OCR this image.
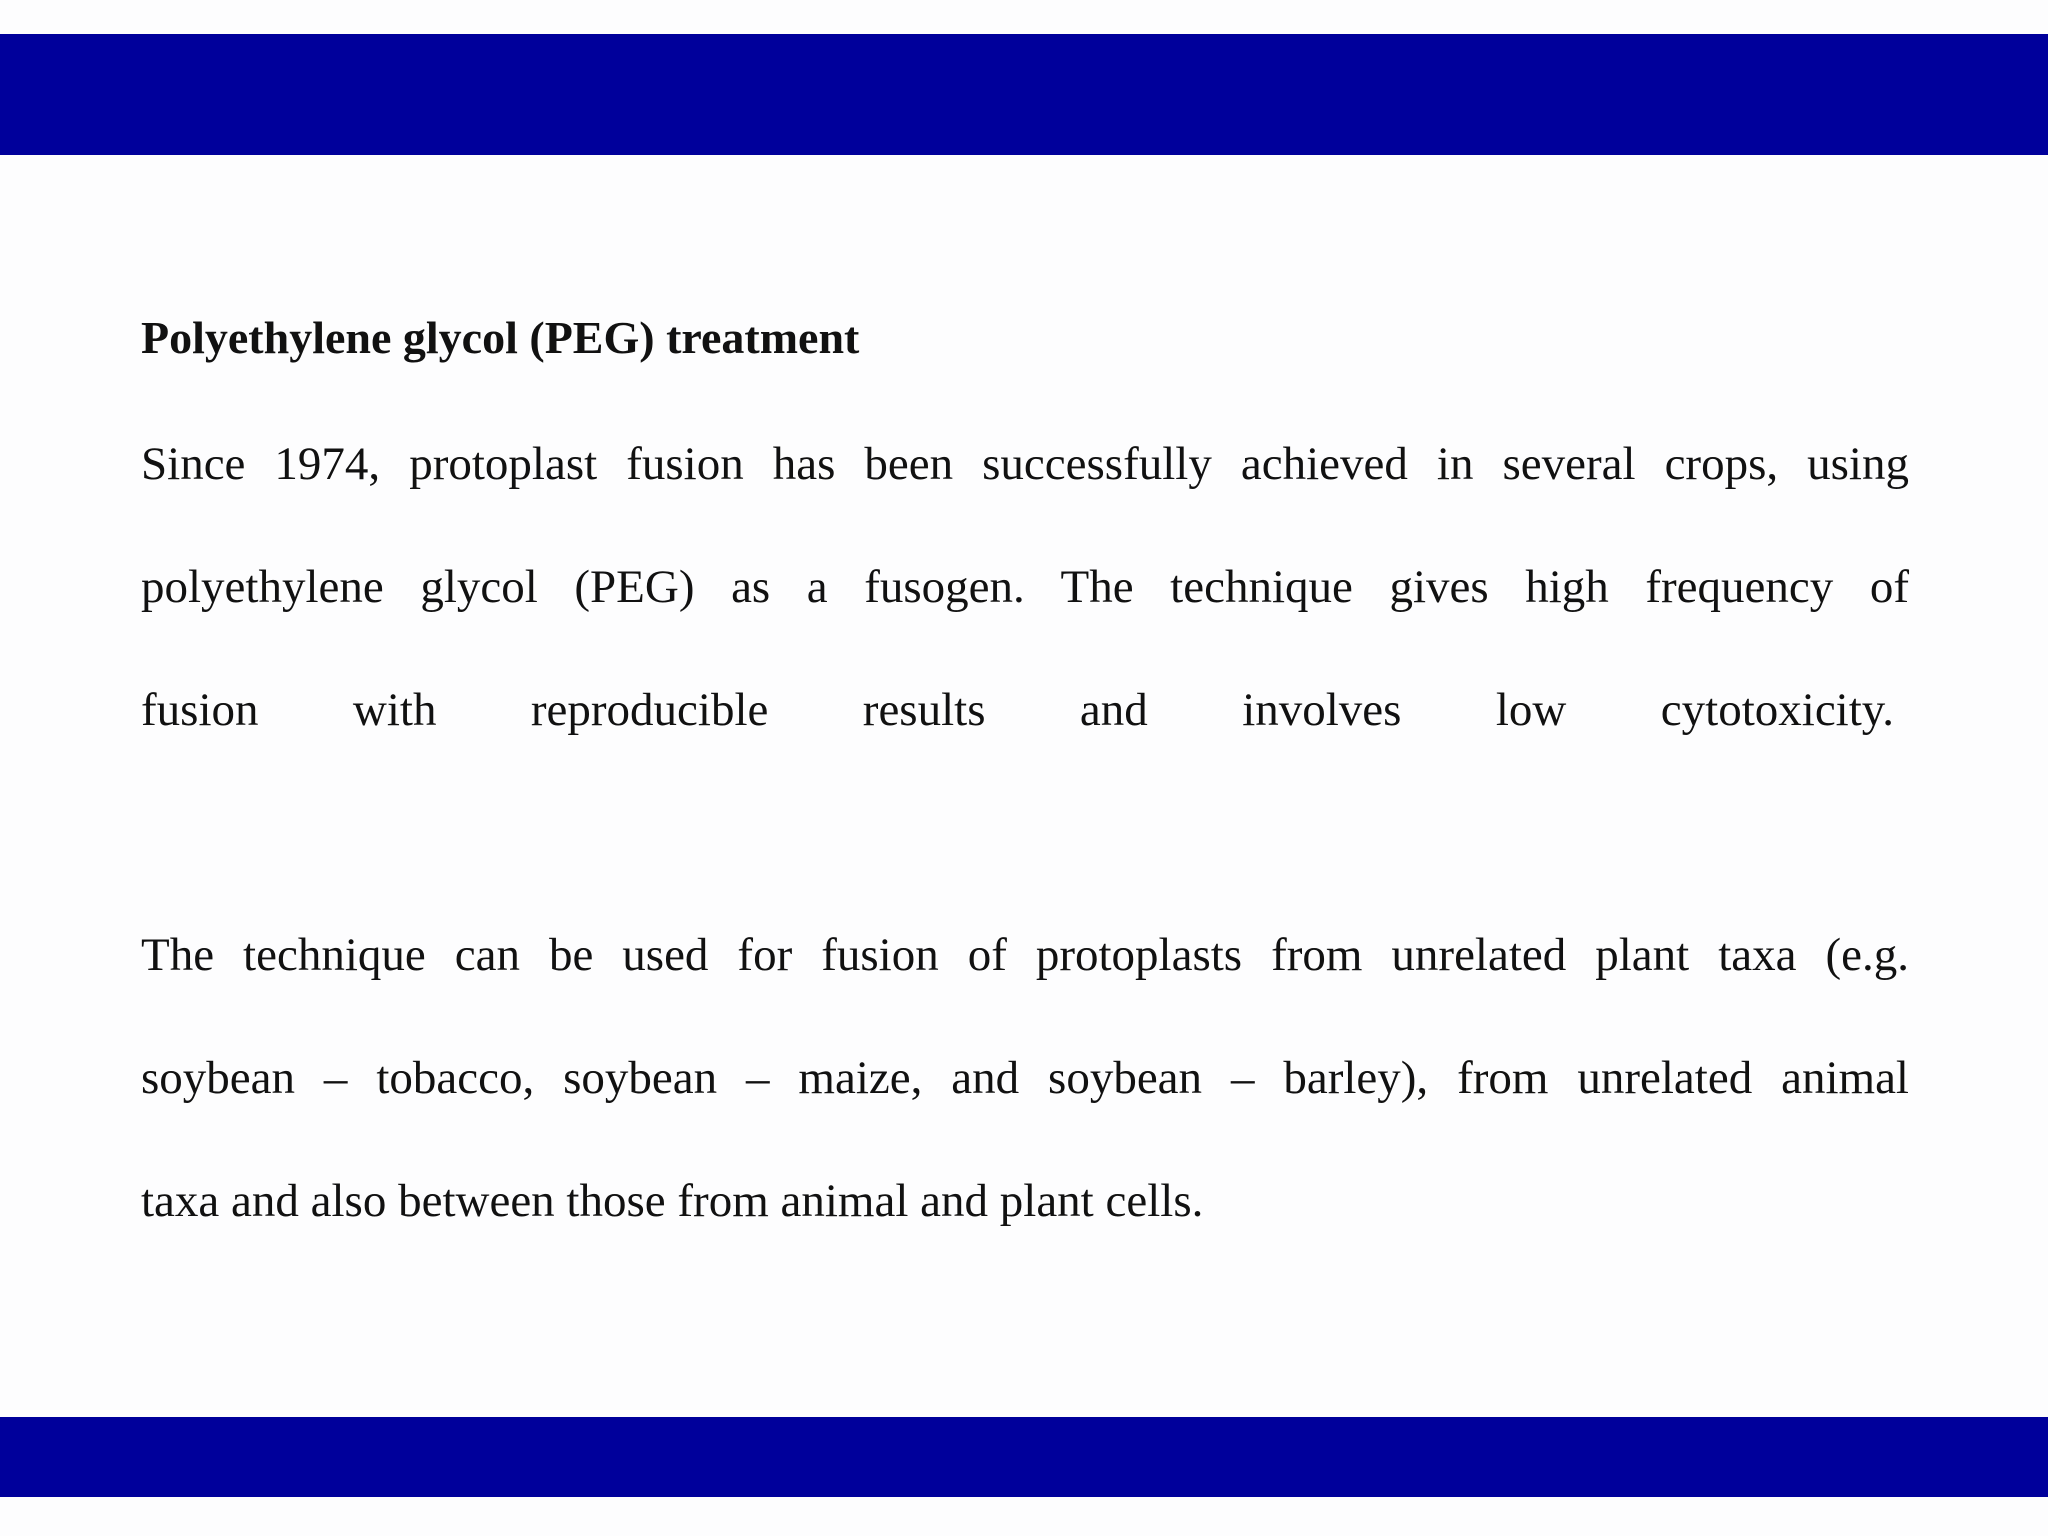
Polyethylene glycol (PEG) treatment

Since 1974, protoplast fusion has been successfully achieved in several crops, using
polyethylene glycol (PEG) as a fusogen. The technique gives high frequency of
fusion with reproducible results and involves low cytotoxicity.
The technique can be used for fusion of protoplasts from unrelated plant taxa (e.g.
soybean – tobacco, soybean – maize, and soybean – barley), from unrelated animal
taxa and also between those from animal and plant cells.
